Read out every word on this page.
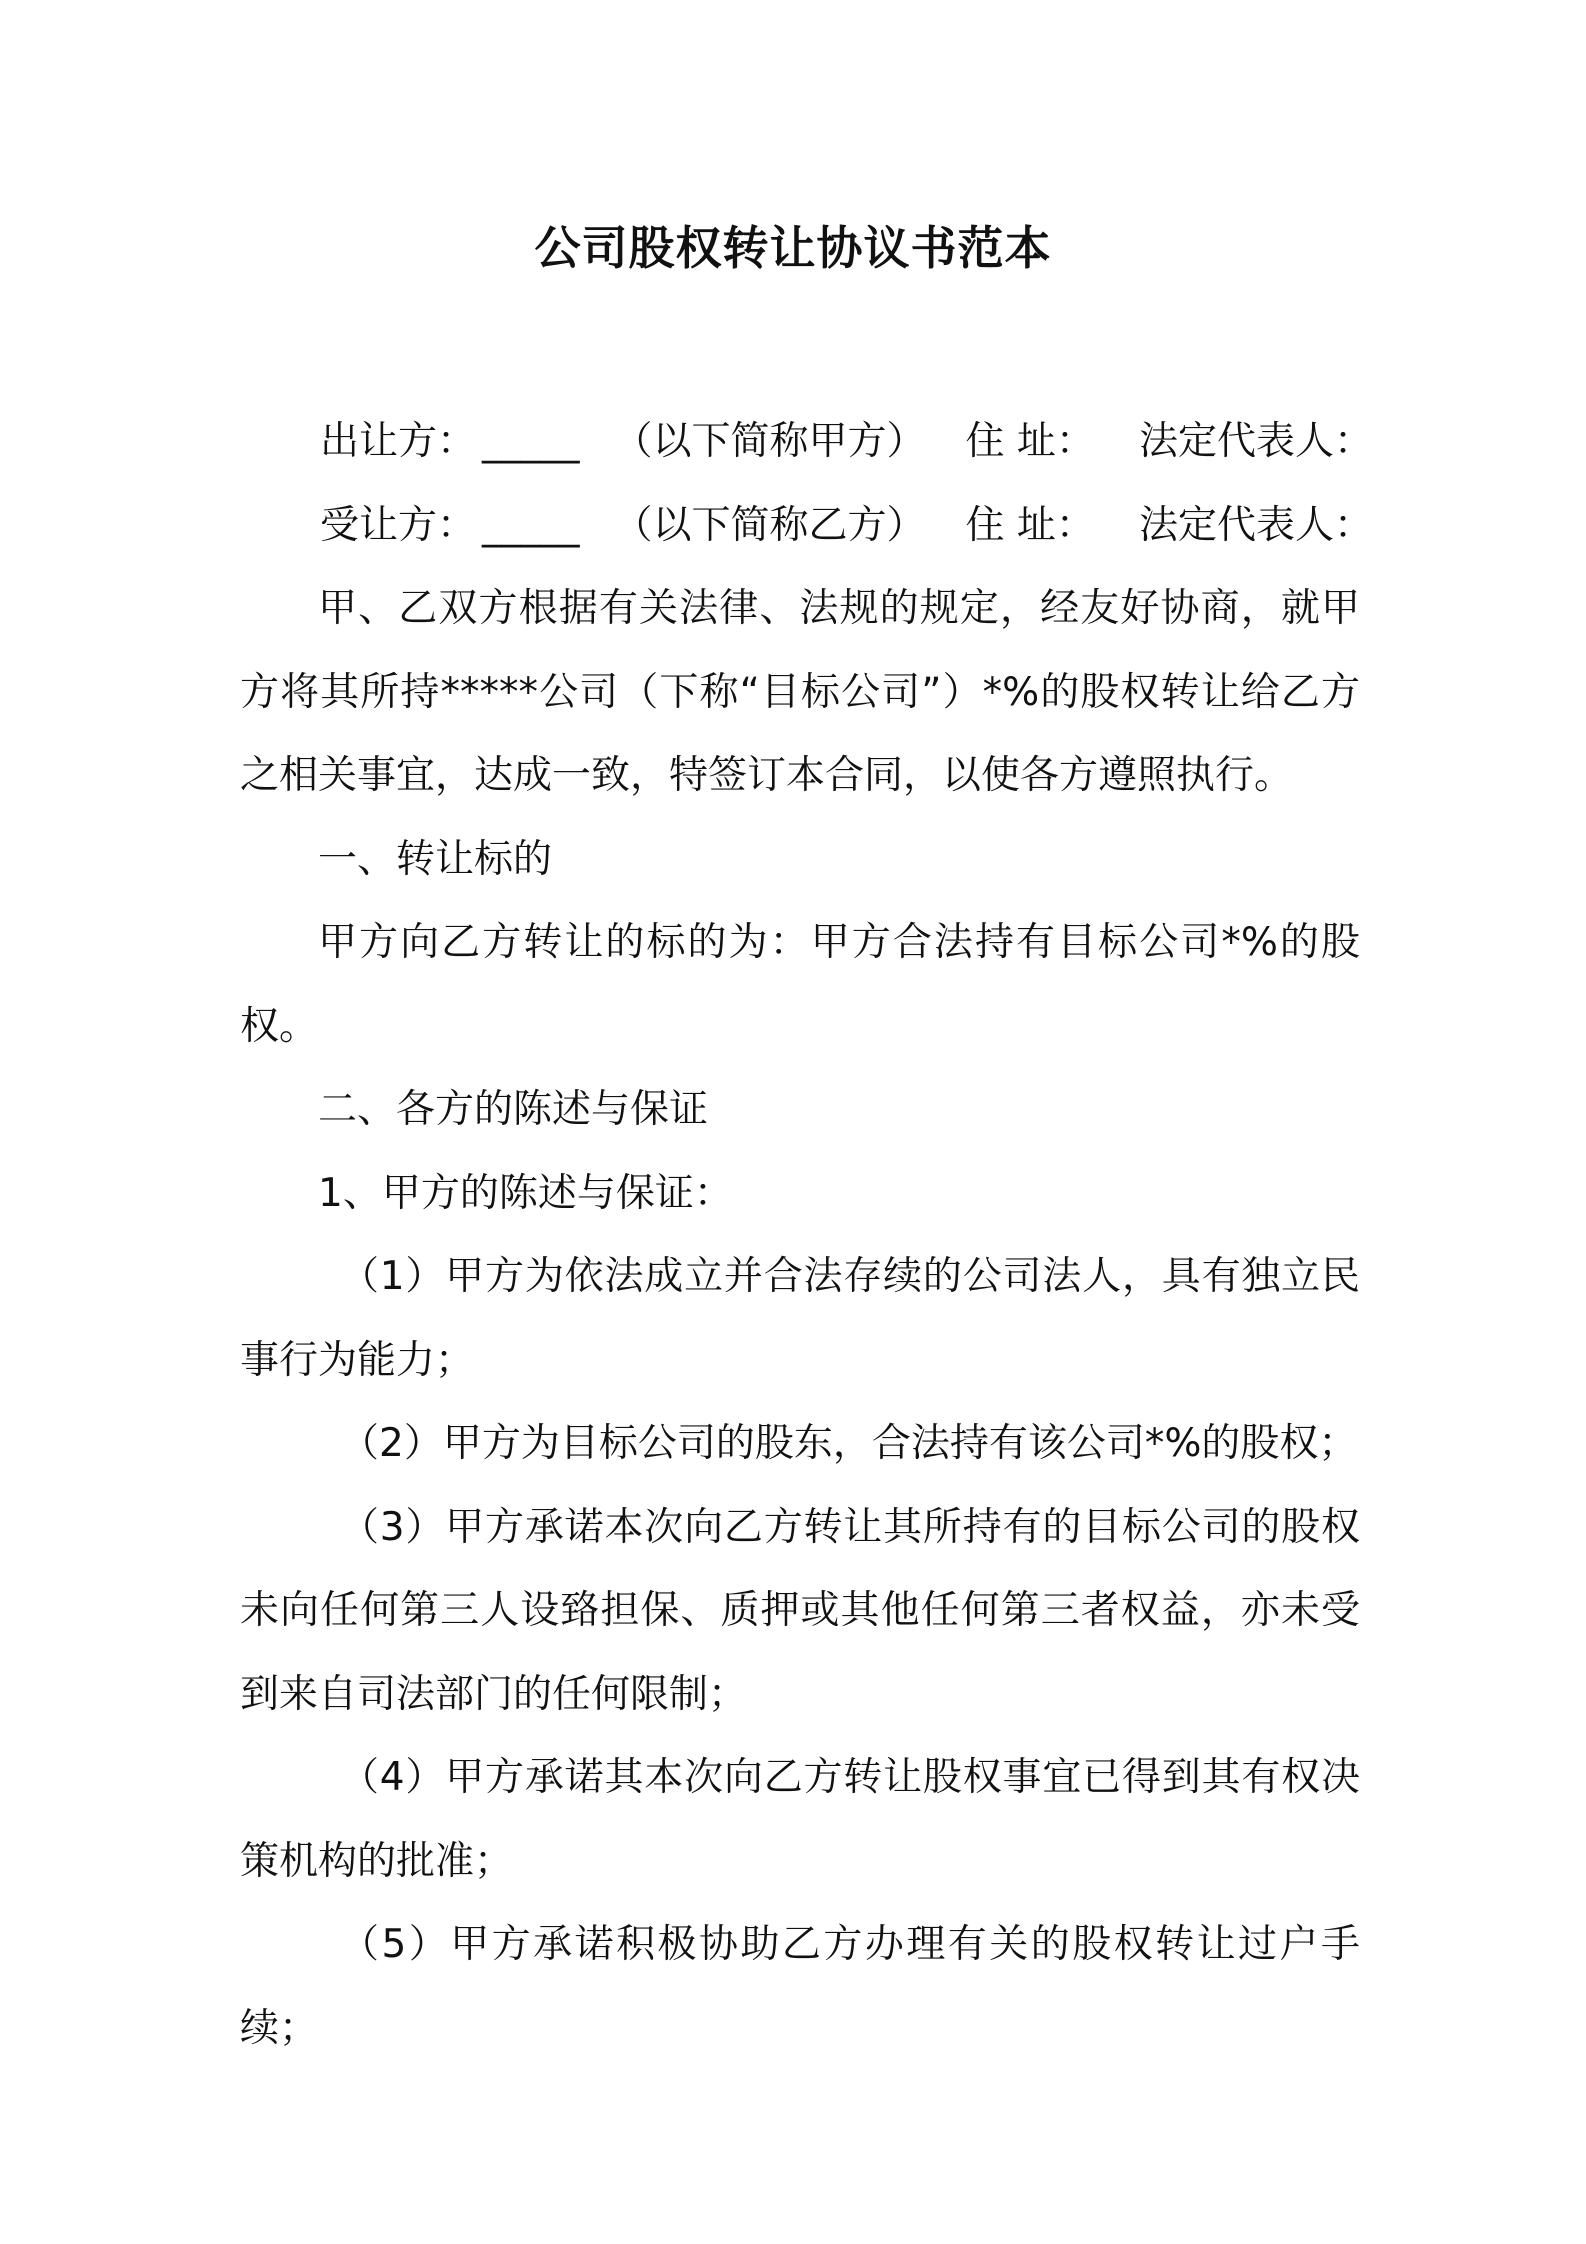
公司股权转让协议书范本

出让方： _____ （以下简称甲方） 住 址： 法定代表人：

受让方： _____ （以下简称乙方） 住 址： 法定代表人：

甲、乙双方根据有关法律、法规的规定，经友好协商，就甲方将其所持*****公司（下称“目标公司”）*%的股权转让给乙方之相关事宜，达成一致，特签订本合同，以使各方遵照执行。

一、转让标的

甲方向乙方转让的标的为：甲方合法持有目标公司*%的股权。

二、各方的陈述与保证

1、甲方的陈述与保证：

（1）甲方为依法成立并合法存续的公司法人，具有独立民事行为能力；

（2）甲方为目标公司的股东，合法持有该公司*%的股权；

（3）甲方承诺本次向乙方转让其所持有的目标公司的股权未向任何第三人设臵担保、质押或其他任何第三者权益，亦未受到来自司法部门的任何限制；

（4）甲方承诺其本次向乙方转让股权事宜已得到其有权决策机构的批准；

（5）甲方承诺积极协助乙方办理有关的股权转让过户手续；
